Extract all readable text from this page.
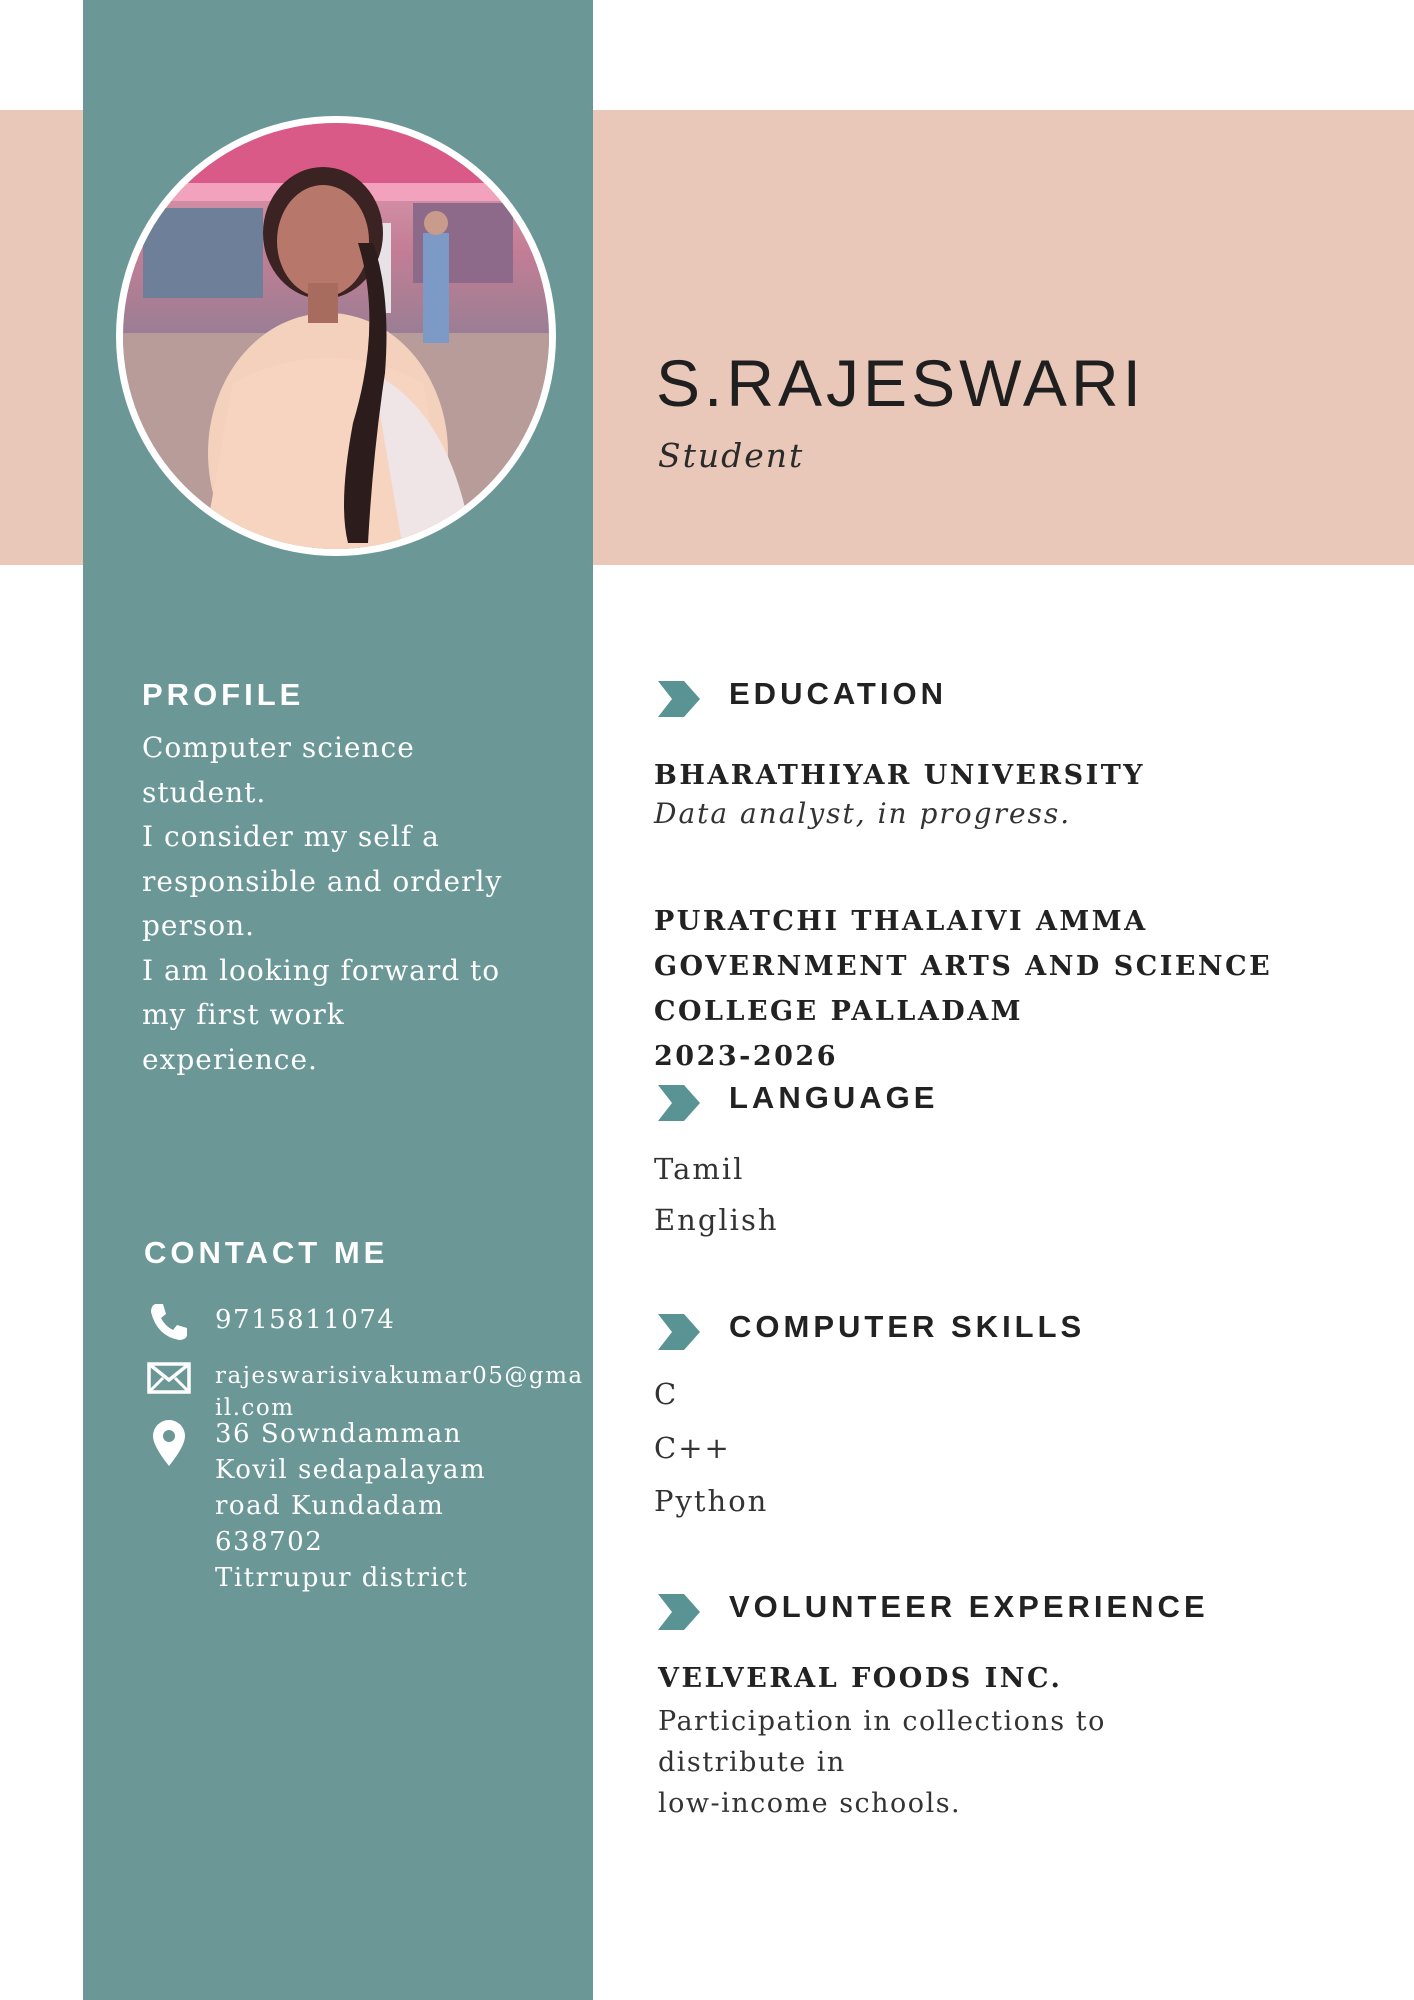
S.RAJESWARI
Student
PROFILE
Computer science
student.
I consider my self a
responsible and orderly
person.
I am looking forward to
my first work
experience.
CONTACT ME
9715811074
rajeswarisivakumar05@gma
il.com
36 Sowndamman
Kovil sedapalayam
road Kundadam
638702
Titrrupur district
EDUCATION
BHARATHIYAR UNIVERSITY
Data analyst, in progress.
PURATCHI THALAIVI AMMA
GOVERNMENT ARTS AND SCIENCE
COLLEGE PALLADAM
2023-2026
LANGUAGE
Tamil
English
COMPUTER SKILLS
C
C++
Python
VOLUNTEER EXPERIENCE
VELVERAL FOODS INC.
Participation in collections to distribute in
low-income schools.
